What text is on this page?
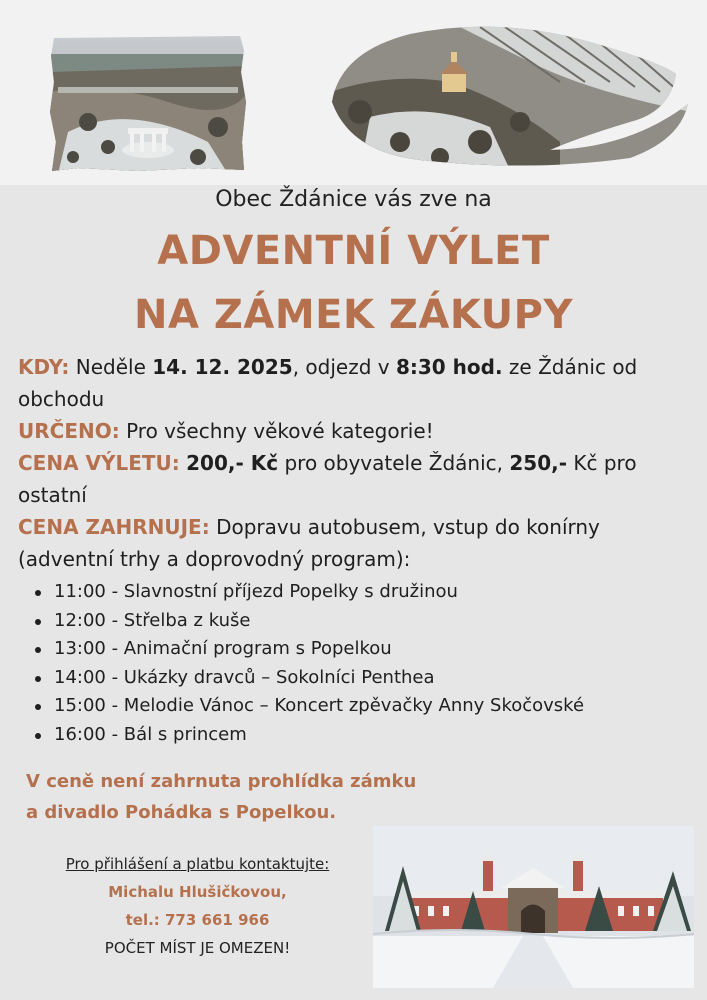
Obec Ždánice vás zve na
ADVENTNÍ VÝLET
NA ZÁMEK ZÁKUPY

KDY: Neděle 14. 12. 2025, odjezd v 8:30 hod. ze Ždánic od obchodu

URČENO: Pro všechny věkové kategorie!

CENA VÝLETU: 200,- Kč pro obyvatele Ždánic, 250,- Kč pro ostatní

CENA ZAHRNUJE: Dopravu autobusem, vstup do konírny (adventní trhy a doprovodný program):

11:00 - Slavnostní příjezd Popelky s družinou
12:00 - Střelba z kuše
13:00 - Animační program s Popelkou
14:00 - Ukázky dravců – Sokolníci Penthea
15:00 - Melodie Vánoc – Koncert zpěvačky Anny Skočovské
16:00 - Bál s princem
V ceně není zahrnuta prohlídka zámku
a divadlo Pohádka s Popelkou.
Pro přihlášení a platbu kontaktujte:
Michalu Hlušičkovou,
tel.: 773 661 966
POČET MÍST JE OMEZEN!
